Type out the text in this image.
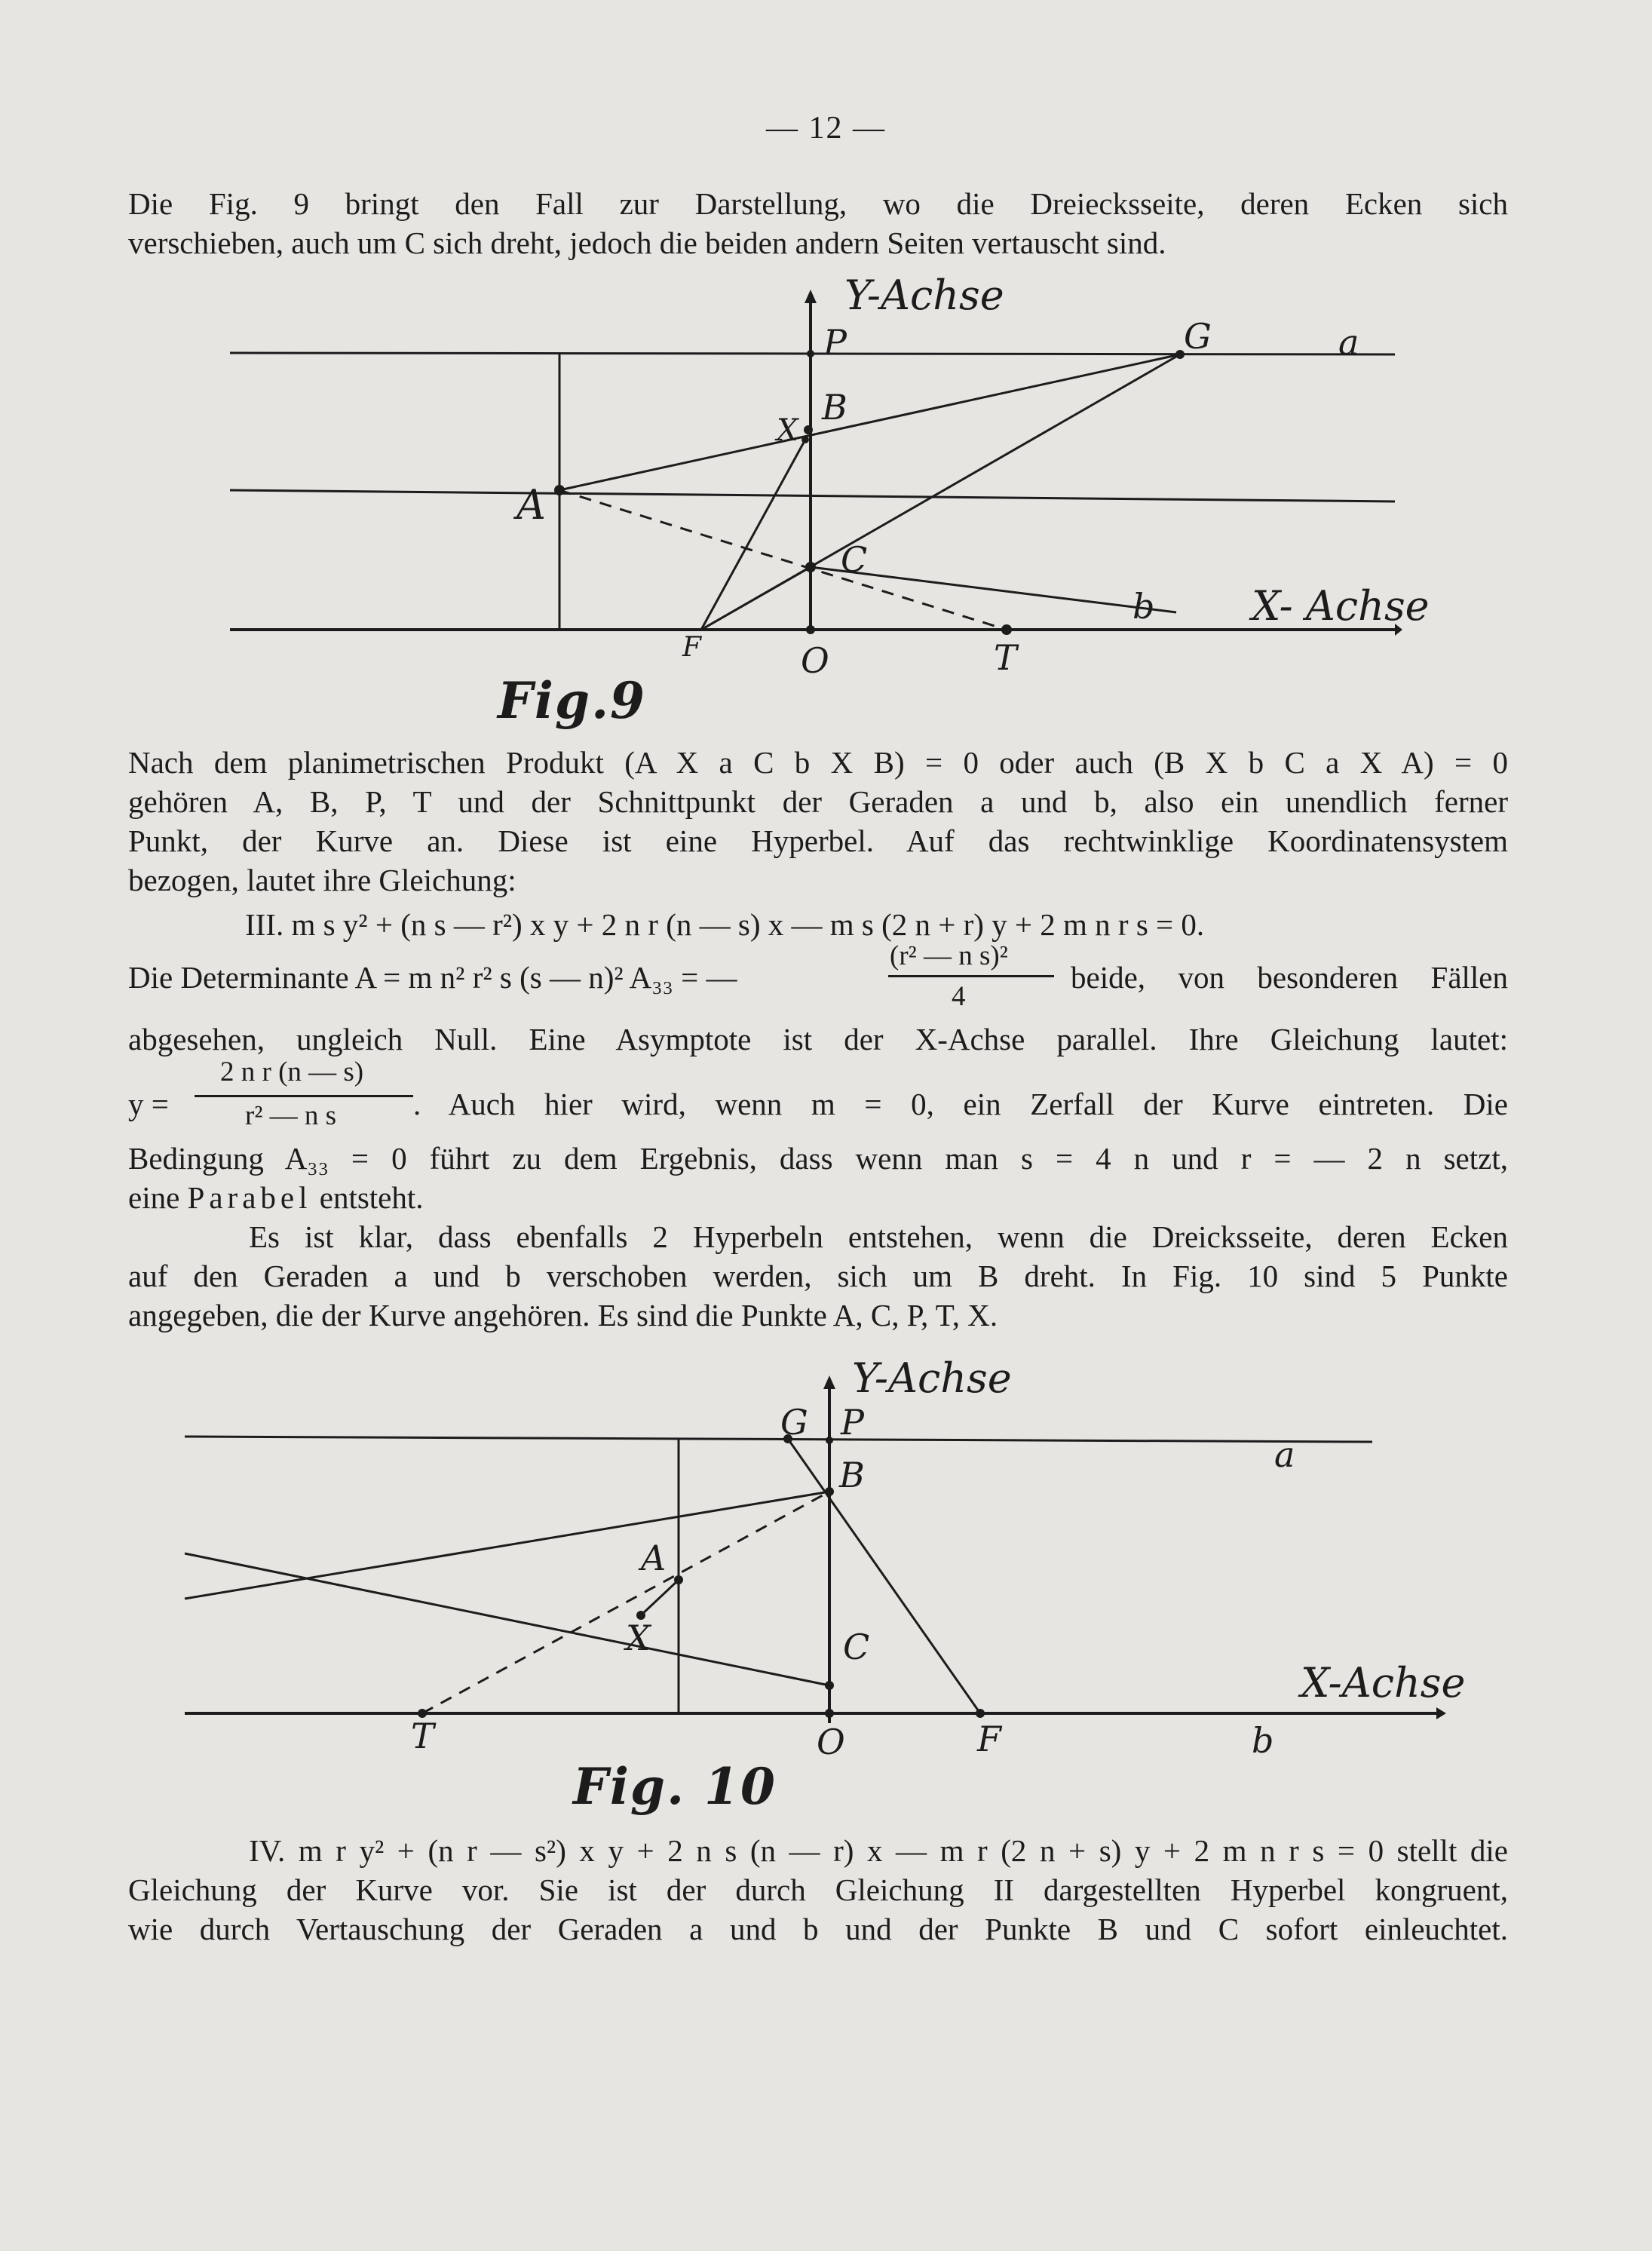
— 12 —
Die Fig. 9 bringt den Fall zur Darstellung, wo die Dreiecksseite, deren Ecken sich
verschieben, auch um C sich dreht, jedoch die beiden andern Seiten vertauscht sind.
Y-Achse
P	G	a
X
B
A
C
b X- Achse
F	O	T
Fig.9
Nach dem planimetrischen Produkt (A X a C b X B) = 0 oder auch (B X b C a X A) = 0
gehören A, B, P, T und der Schnittpunkt der Geraden a und b, also ein unendlich ferner
Punkt, der Kurve an. Diese ist eine Hyperbel. Auf das rechtwinklige Koordinatensystem
bezogen, lautet ihre Gleichung:
III. m s y² + (n s — r²) x y + 2 n r (n — s) x — m s (2 n + r) y + 2 m n r s = 0.
Die Determinante A = m n² r² s (s — n)² A₃₃ = —
(r² — n s)²
4
beide, von besonderen Fällen
abgesehen, ungleich Null. Eine Asymptote ist der X-Achse parallel. Ihre Gleichung lautet:
y =
2 n r (n — s)
r² — n s . Auch hier wird, wenn m = 0, ein Zerfall der Kurve eintreten. Die
Bedingung A₃₃ = 0 führt zu dem Ergebnis, dass wenn man s = 4 n und r = — 2 n setzt,
eine Parabel entsteht.
Es ist klar, dass ebenfalls 2 Hyperbeln entstehen, wenn die Dreicksseite, deren Ecken
auf den Geraden a und b verschoben werden, sich um B dreht. In Fig. 10 sind 5 Punkte
angegeben, die der Kurve angehören. Es sind die Punkte A, C, P, T, X.
Y-Achse
G P
a
B
A
X	C
X-Achse
T	O	F	b
Fig. 10
IV. m r y² + (n r — s²) x y + 2 n s (n — r) x — m r (2 n + s) y + 2 m n r s = 0 stellt die
Gleichung der Kurve vor. Sie ist der durch Gleichung II dargestellten Hyperbel kongruent,
wie durch Vertauschung der Geraden a und b und der Punkte B und C sofort einleuchtet.
